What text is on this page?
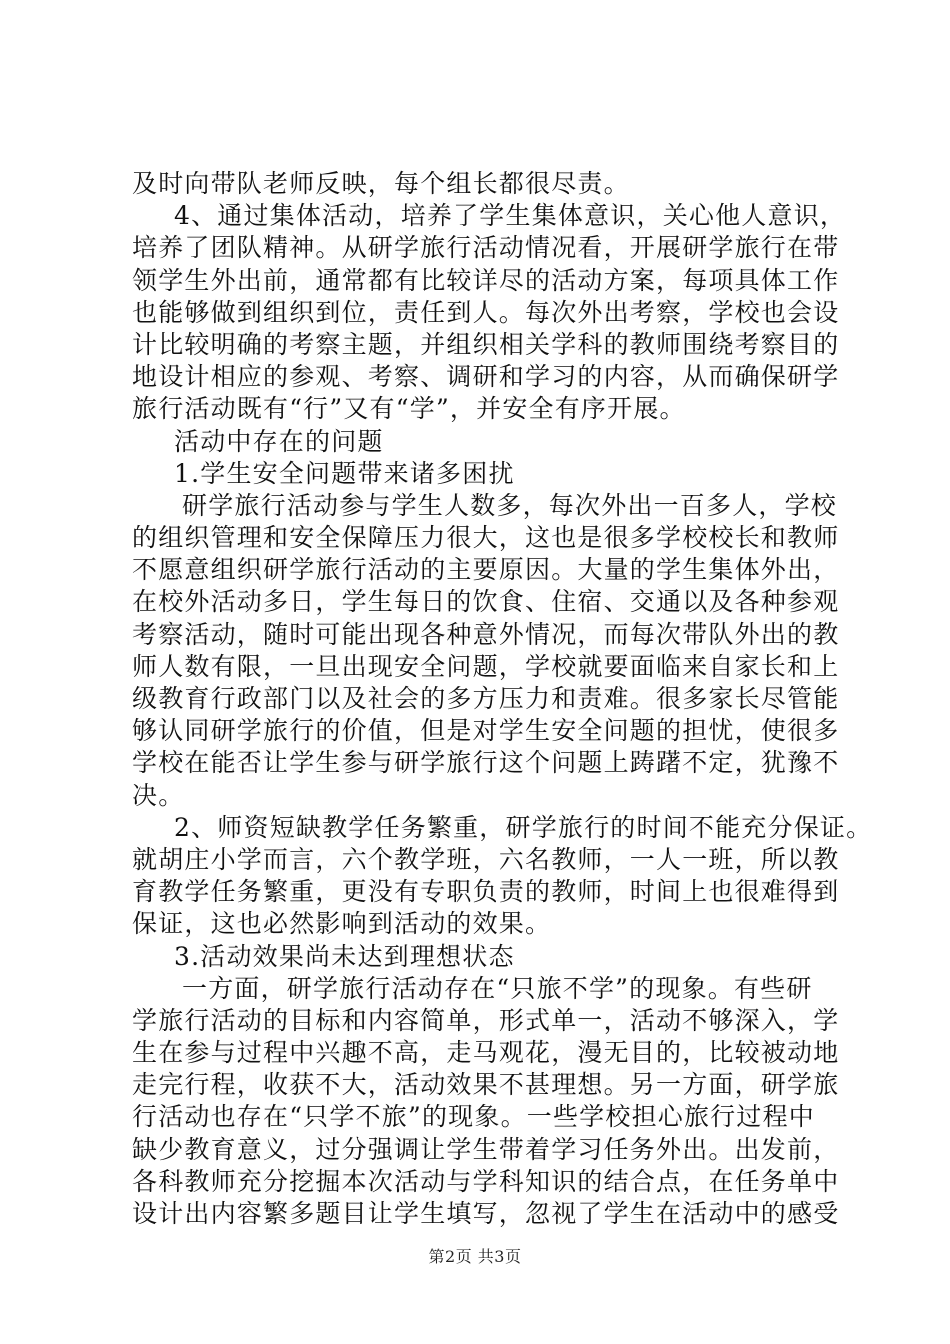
及时向带队老师反映，每个组长都很尽责。
4、通过集体活动，培养了学生集体意识，关心他人意识，
培养了团队精神。从研学旅行活动情况看，开展研学旅行在带
领学生外出前，通常都有比较详尽的活动方案，每项具体工作
也能够做到组织到位，责任到人。每次外出考察，学校也会设
计比较明确的考察主题，并组织相关学科的教师围绕考察目的
地设计相应的参观、考察、调研和学习的内容，从而确保研学
旅行活动既有“行”又有“学”，并安全有序开展。
活动中存在的问题
1.学生安全问题带来诸多困扰
研学旅行活动参与学生人数多，每次外出一百多人，学校
的组织管理和安全保障压力很大，这也是很多学校校长和教师
不愿意组织研学旅行活动的主要原因。大量的学生集体外出，
在校外活动多日，学生每日的饮食、住宿、交通以及各种参观
考察活动，随时可能出现各种意外情况，而每次带队外出的教
师人数有限，一旦出现安全问题，学校就要面临来自家长和上
级教育行政部门以及社会的多方压力和责难。很多家长尽管能
够认同研学旅行的价值，但是对学生安全问题的担忧，使很多
学校在能否让学生参与研学旅行这个问题上踌躇不定，犹豫不
决。
2、师资短缺教学任务繁重，研学旅行的时间不能充分保证。
就胡庄小学而言，六个教学班，六名教师，一人一班，所以教
育教学任务繁重，更没有专职负责的教师，时间上也很难得到
保证，这也必然影响到活动的效果。
3.活动效果尚未达到理想状态
一方面，研学旅行活动存在“只旅不学”的现象。有些研
学旅行活动的目标和内容简单，形式单一，活动不够深入，学
生在参与过程中兴趣不高，走马观花，漫无目的，比较被动地
走完行程，收获不大，活动效果不甚理想。另一方面，研学旅
行活动也存在“只学不旅”的现象。一些学校担心旅行过程中
缺少教育意义，过分强调让学生带着学习任务外出。出发前，
各科教师充分挖掘本次活动与学科知识的结合点，在任务单中
设计出内容繁多题目让学生填写，忽视了学生在活动中的感受
第2页 共3页
